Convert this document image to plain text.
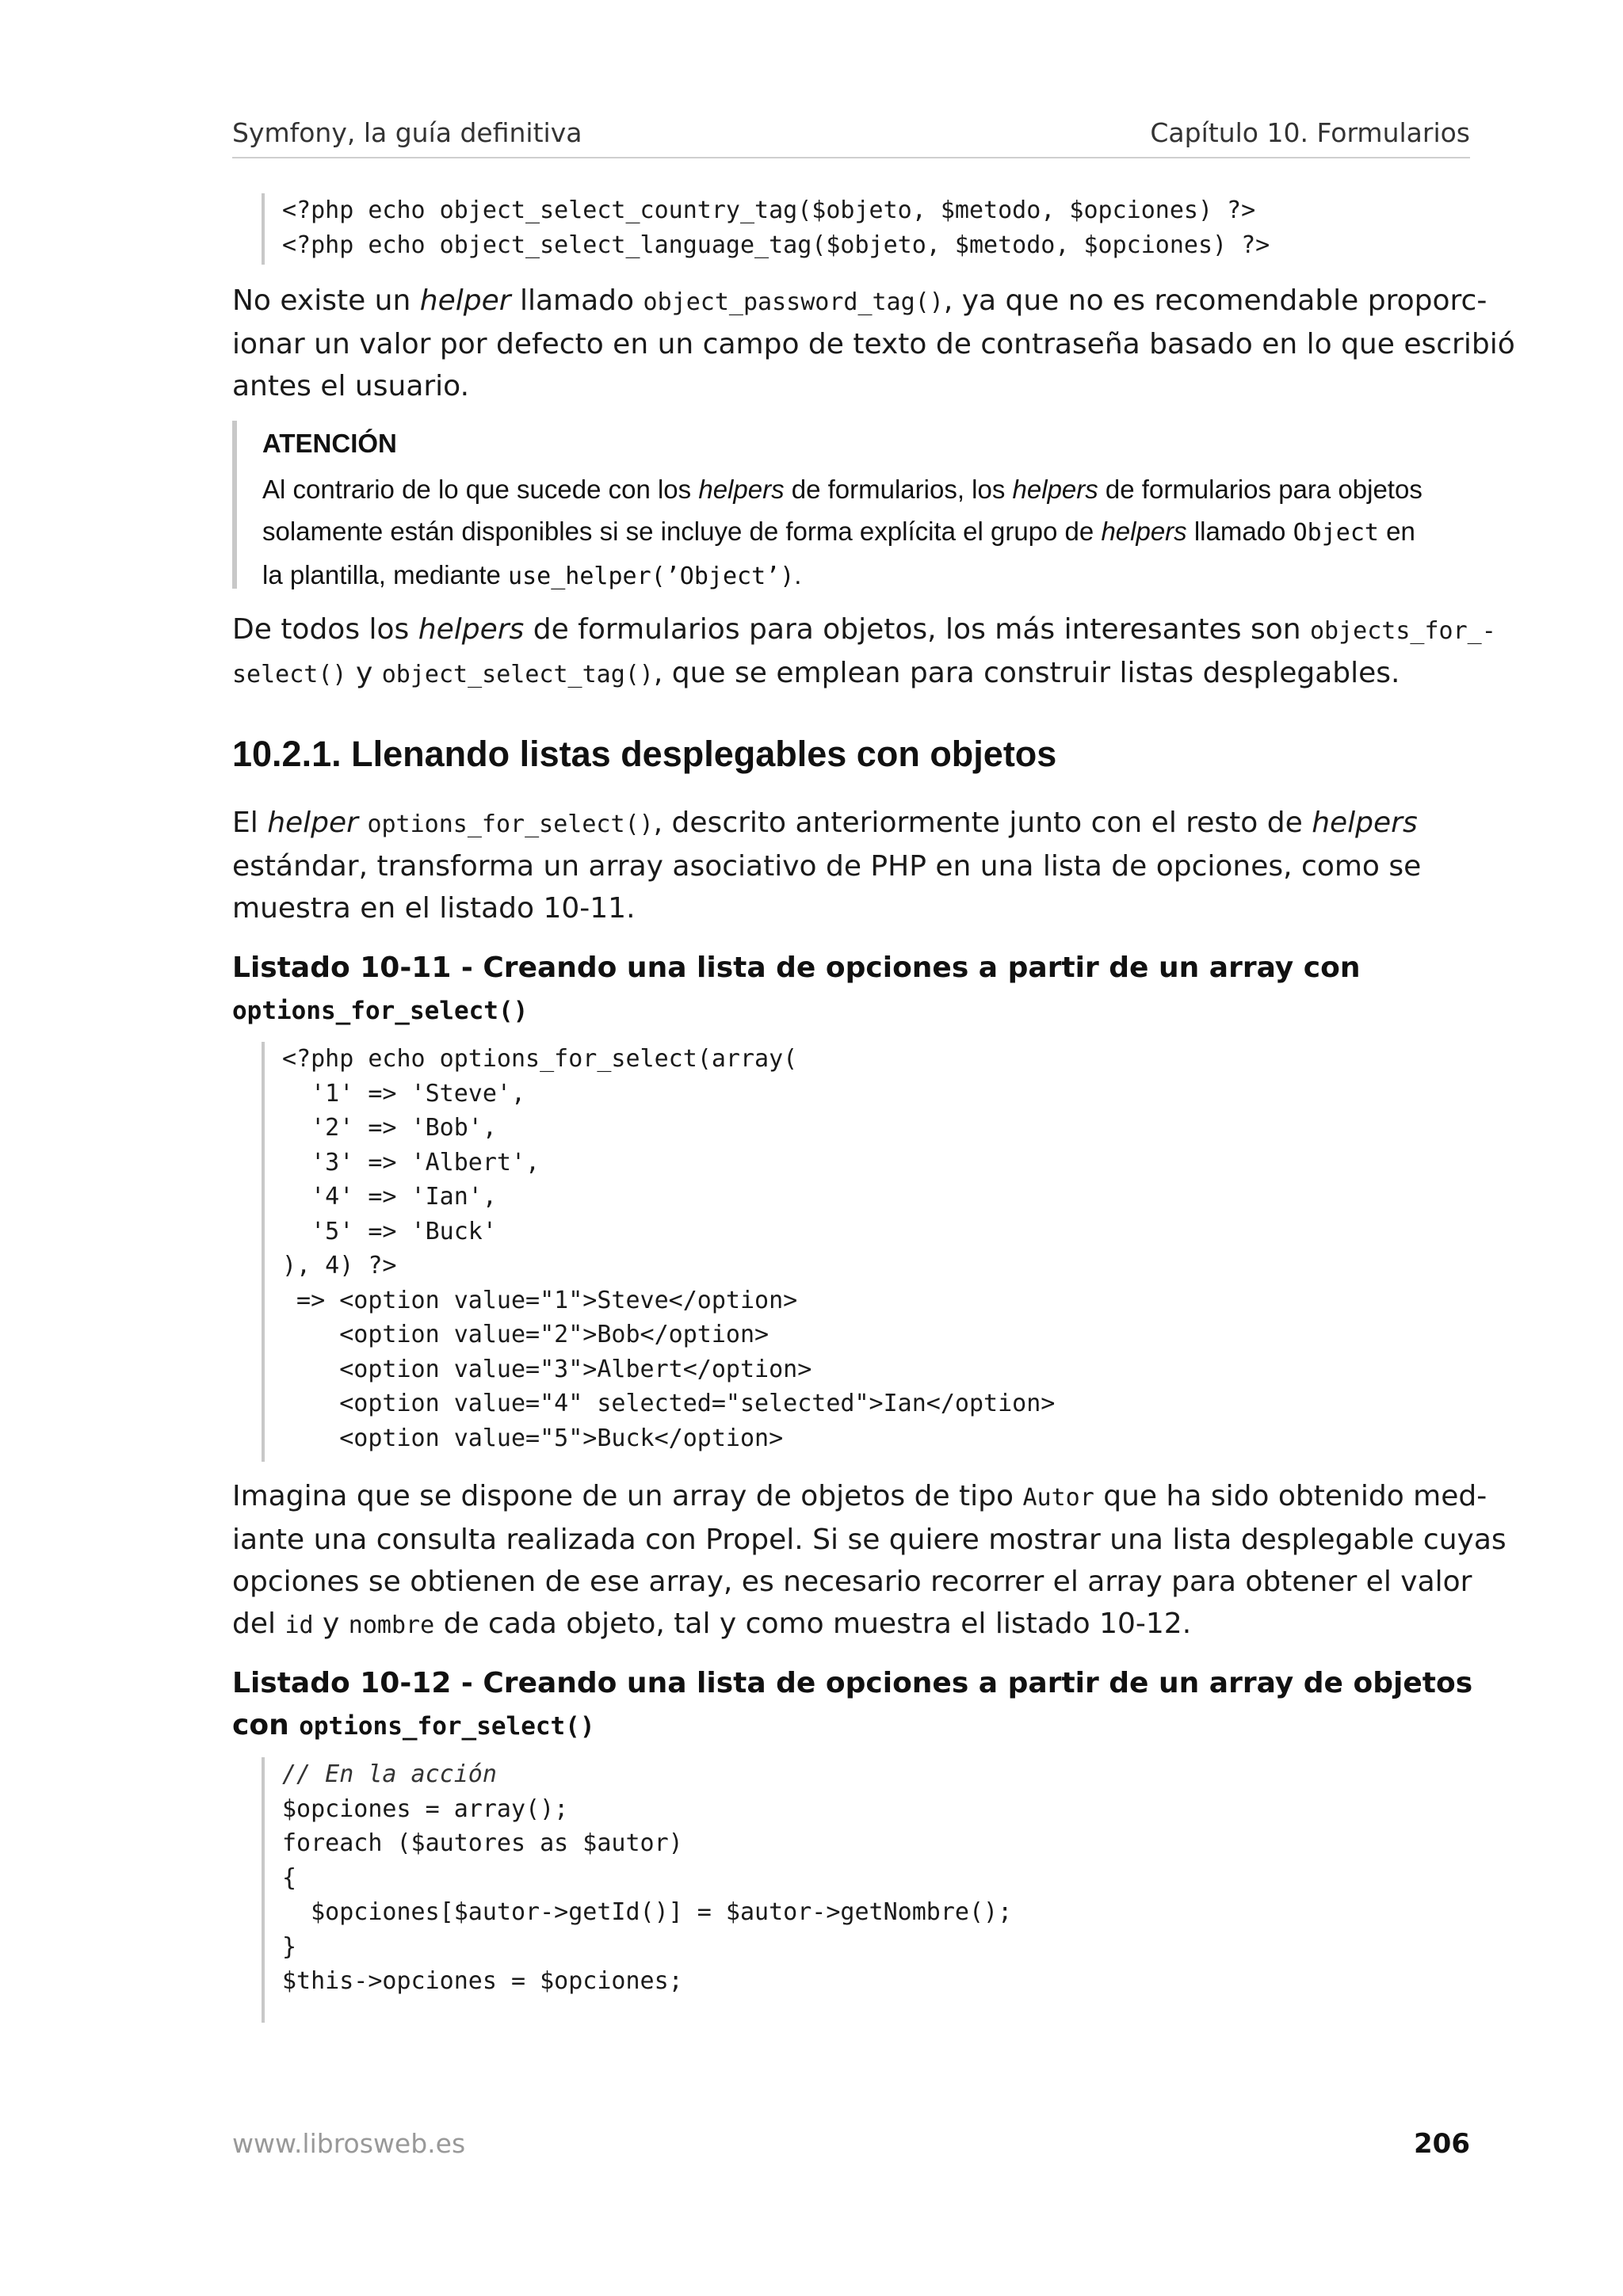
Symfony, la guía definitiva	Capítulo 10. Formularios
<?php echo object_select_country_tag($objeto, $metodo, $opciones) ?>
<?php echo object_select_language_tag($objeto, $metodo, $opciones) ?>
No existe un helper llamado object_password_tag(), ya que no es recomendable proporc-
ionar un valor por defecto en un campo de texto de contraseña basado en lo que escribió
antes el usuario.
ATENCIÓN
Al contrario de lo que sucede con los helpers de formularios, los helpers de formularios para objetos
solamente están disponibles si se incluye de forma explícita el grupo de helpers llamado Object en
la plantilla, mediante use_helper(’Object’).
De todos los helpers de formularios para objetos, los más interesantes son objects_for_-
select() y object_select_tag(), que se emplean para construir listas desplegables.
10.2.1. Llenando listas desplegables con objetos
El helper options_for_select(), descrito anteriormente junto con el resto de helpers
estándar, transforma un array asociativo de PHP en una lista de opciones, como se
muestra en el listado 10-11.
Listado 10-11 - Creando una lista de opciones a partir de un array con
options_for_select()
<?php echo options_for_select(array(
'1' => 'Steve',
'2' => 'Bob',
'3' => 'Albert',
'4' => 'Ian',
'5' => 'Buck'
), 4) ?>
=> <option value="1">Steve</option>
<option value="2">Bob</option>
<option value="3">Albert</option>
<option value="4" selected="selected">Ian</option>
<option value="5">Buck</option>
Imagina que se dispone de un array de objetos de tipo Autor que ha sido obtenido med-
iante una consulta realizada con Propel. Si se quiere mostrar una lista desplegable cuyas
opciones se obtienen de ese array, es necesario recorrer el array para obtener el valor
del id y nombre de cada objeto, tal y como muestra el listado 10-12.
Listado 10-12 - Creando una lista de opciones a partir de un array de objetos
con options_for_select()
// En la acción
$opciones = array();
foreach ($autores as $autor)
{
$opciones[$autor->getId()] = $autor->getNombre();
}
$this->opciones = $opciones;
www.librosweb.es	206
